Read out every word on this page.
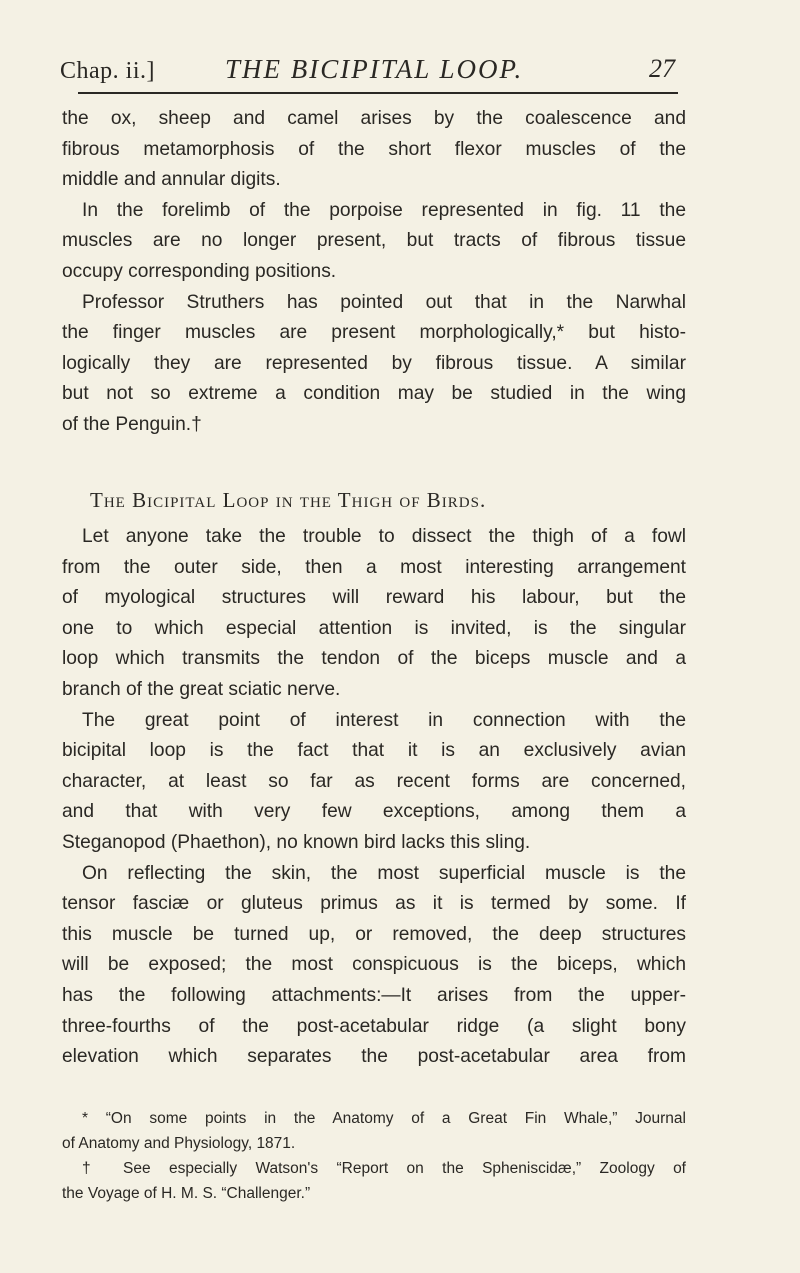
Chap. ii.]	THE BICIPITAL LOOP.	27
the ox, sheep and camel arises by the coalescence and
fibrous metamorphosis of the short flexor muscles of the
middle and annular digits.
In the forelimb of the porpoise represented in fig. 11 the
muscles are no longer present, but tracts of fibrous tissue
occupy corresponding positions.
Professor Struthers has pointed out that in the Narwhal
the finger muscles are present morphologically,* but histo-
logically they are represented by fibrous tissue. A similar
but not so extreme a condition may be studied in the wing
of the Penguin.†
The Bicipital Loop in the Thigh of Birds.
Let anyone take the trouble to dissect the thigh of a fowl
from the outer side, then a most interesting arrangement
of myological structures will reward his labour, but the
one to which especial attention is invited, is the singular
loop which transmits the tendon of the biceps muscle and a
branch of the great sciatic nerve.
The great point of interest in connection with the
bicipital loop is the fact that it is an exclusively avian
character, at least so far as recent forms are concerned,
and that with very few exceptions, among them a
Steganopod (Phaethon), no known bird lacks this sling.
On reflecting the skin, the most superficial muscle is the
tensor fasciæ or gluteus primus as it is termed by some. If
this muscle be turned up, or removed, the deep structures
will be exposed; the most conspicuous is the biceps, which
has the following attachments:—It arises from the upper-
three-fourths of the post-acetabular ridge (a slight bony
elevation which separates the post-acetabular area from
* “On some points in the Anatomy of a Great Fin Whale,” Journal
of Anatomy and Physiology, 1871.
† See especially Watson's “Report on the Spheniscidæ,” Zoology of
the Voyage of H. M. S. “Challenger.”
